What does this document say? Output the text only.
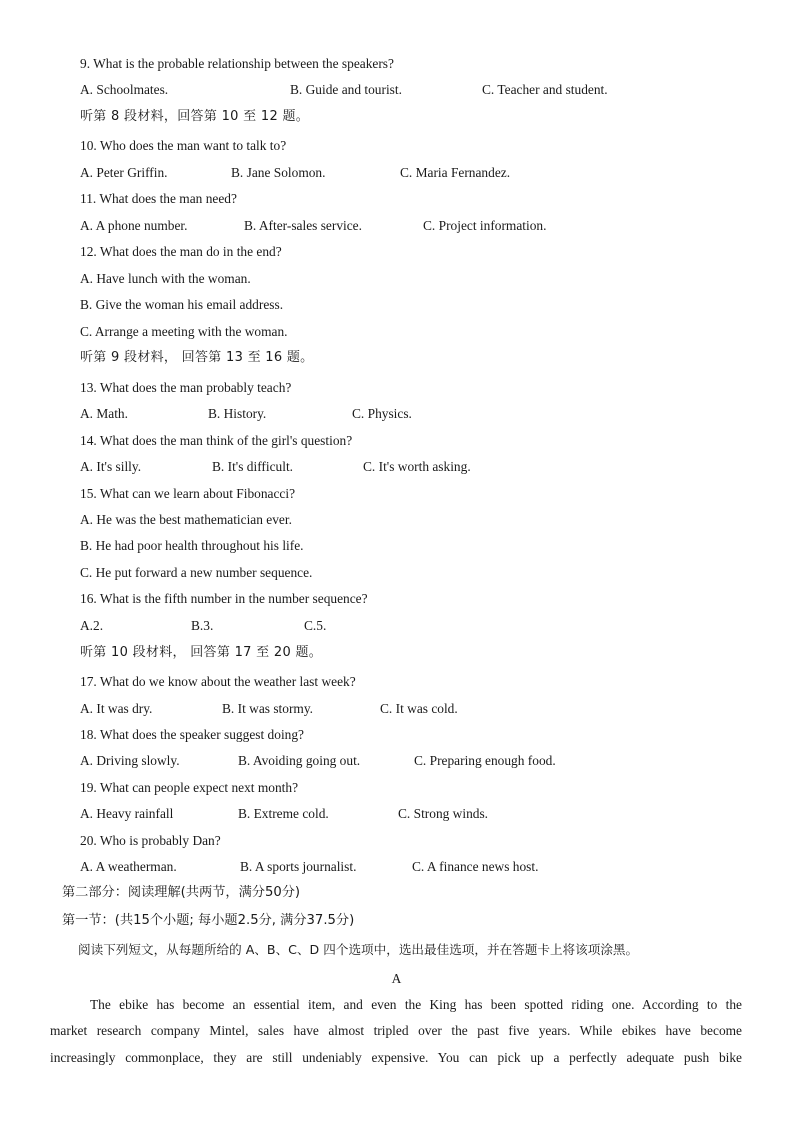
9. What is the probable relationship between the speakers?
A. Schoolmates.	B. Guide and tourist.	C. Teacher and student.
听第 8 段材料，回答第 10 至 12 题。
10. Who does the man want to talk to?
A. Peter Griffin.	B. Jane Solomon.	C. Maria Fernandez.
11. What does the man need?
A. A phone number.	B. After-sales service.	C. Project information.
12. What does the man do in the end?
A. Have lunch with the woman.
B. Give the woman his email address.
C. Arrange a meeting with the woman.
听第 9 段材料， 回答第 13 至 16 题。
13. What does the man probably teach?
A. Math.	B. History.	C. Physics.
14. What does the man think of the girl's question?
A. It's silly.	B. It's difficult.	C. It's worth asking.
15. What can we learn about Fibonacci?
A. He was the best mathematician ever.
B. He had poor health throughout his life.
C. He put forward a new number sequence.
16. What is the fifth number in the number sequence?
A.2.	B.3.	C.5.
听第 10 段材料， 回答第 17 至 20 题。
17. What do we know about the weather last week?
A. It was dry.	B. It was stormy.	C. It was cold.
18. What does the speaker suggest doing?
A. Driving slowly.	B. Avoiding going out.	C. Preparing enough food.
19. What can people expect next month?
A. Heavy rainfall	B. Extreme cold.	C. Strong winds.
20. Who is probably Dan?
A. A weatherman.	B. A sports journalist.	C. A finance news host.
第二部分：阅读理解(共两节，满分50分)
第一节：(共15个小题; 每小题2.5分, 满分37.5分)
阅读下列短文，从每题所给的 A、B、C、D 四个选项中，选出最佳选项，并在答题卡上将该项涂黑。
A
The ebike has become an essential item, and even the King has been spotted riding one. According to the
market research company Mintel, sales have almost tripled over the past five years. While ebikes have become
increasingly commonplace, they are still undeniably expensive. You can pick up a perfectly adequate push bike
